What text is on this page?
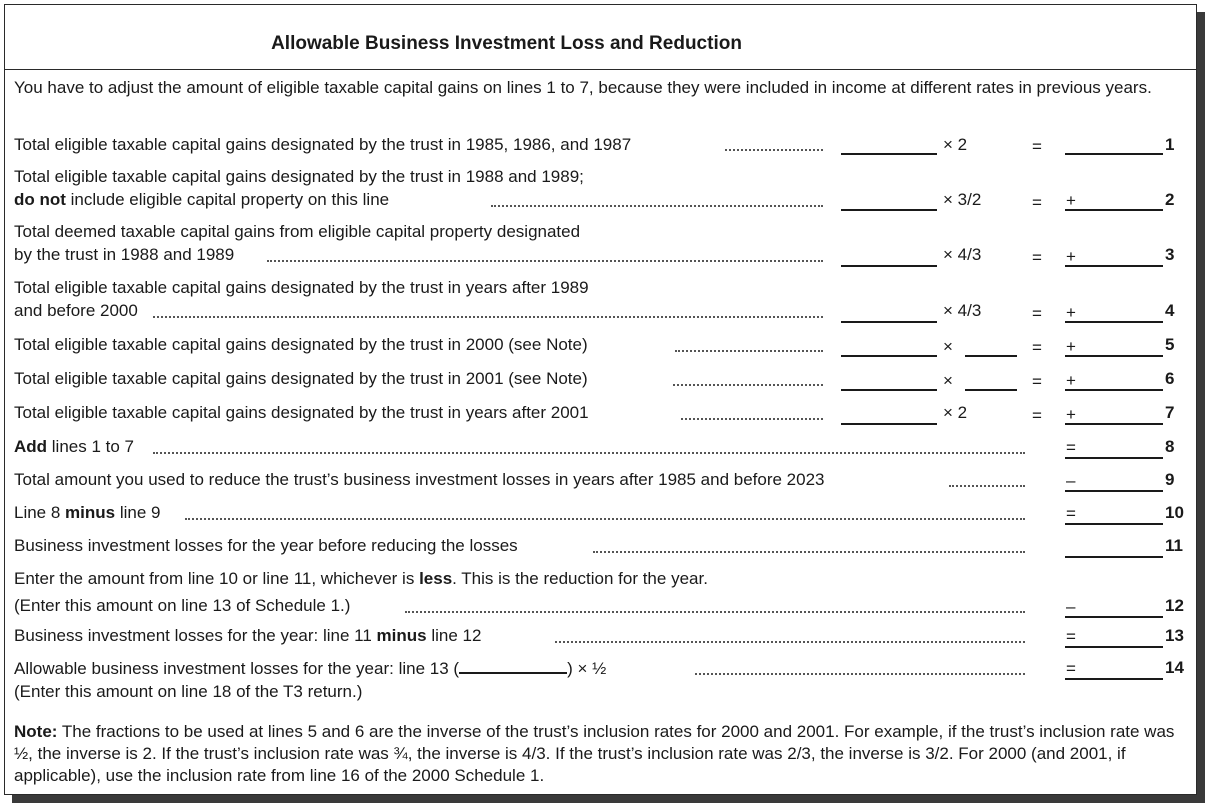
Allowable Business Investment Loss and Reduction
You have to adjust the amount of eligible taxable capital gains on lines 1 to 7, because they were included in income at different rates in previous years.
Total eligible taxable capital gains designated by the trust in 1985, 1986, and 1987	× 2	=	1
Total eligible taxable capital gains designated by the trust in 1988 and 1989;
do not include eligible capital property on this line	× 3/2	= +	2
Total deemed taxable capital gains from eligible capital property designated
by the trust in 1988 and 1989	× 4/3	= +	3
Total eligible taxable capital gains designated by the trust in years after 1989
and before 2000	× 4/3	= +	4
Total eligible taxable capital gains designated by the trust in 2000 (see Note)	×	= +	5
Total eligible taxable capital gains designated by the trust in 2001 (see Note)	×	= +	6
Total eligible taxable capital gains designated by the trust in years after 2001	× 2	= +	7
Add lines 1 to 7	=	8
Total amount you used to reduce the trust’s business investment losses in years after 1985 and before 2023	–	9
Line 8 minus line 9	=	10
Business investment losses for the year before reducing the losses	11
Enter the amount from line 10 or line 11, whichever is less. This is the reduction for the year.
(Enter this amount on line 13 of Schedule 1.)	–	12
Business investment losses for the year: line 11 minus line 12	=	13
Allowable business investment losses for the year: line 13 (	) × ½	=	14
(Enter this amount on line 18 of the T3 return.)
Note: The fractions to be used at lines 5 and 6 are the inverse of the trust’s inclusion rates for 2000 and 2001. For example, if the trust’s inclusion rate was ½, the inverse is 2. If the trust’s inclusion rate was ¾, the inverse is 4/3. If the trust’s inclusion rate was 2/3, the inverse is 3/2. For 2000 (and 2001, if applicable), use the inclusion rate from line 16 of the 2000 Schedule 1.
